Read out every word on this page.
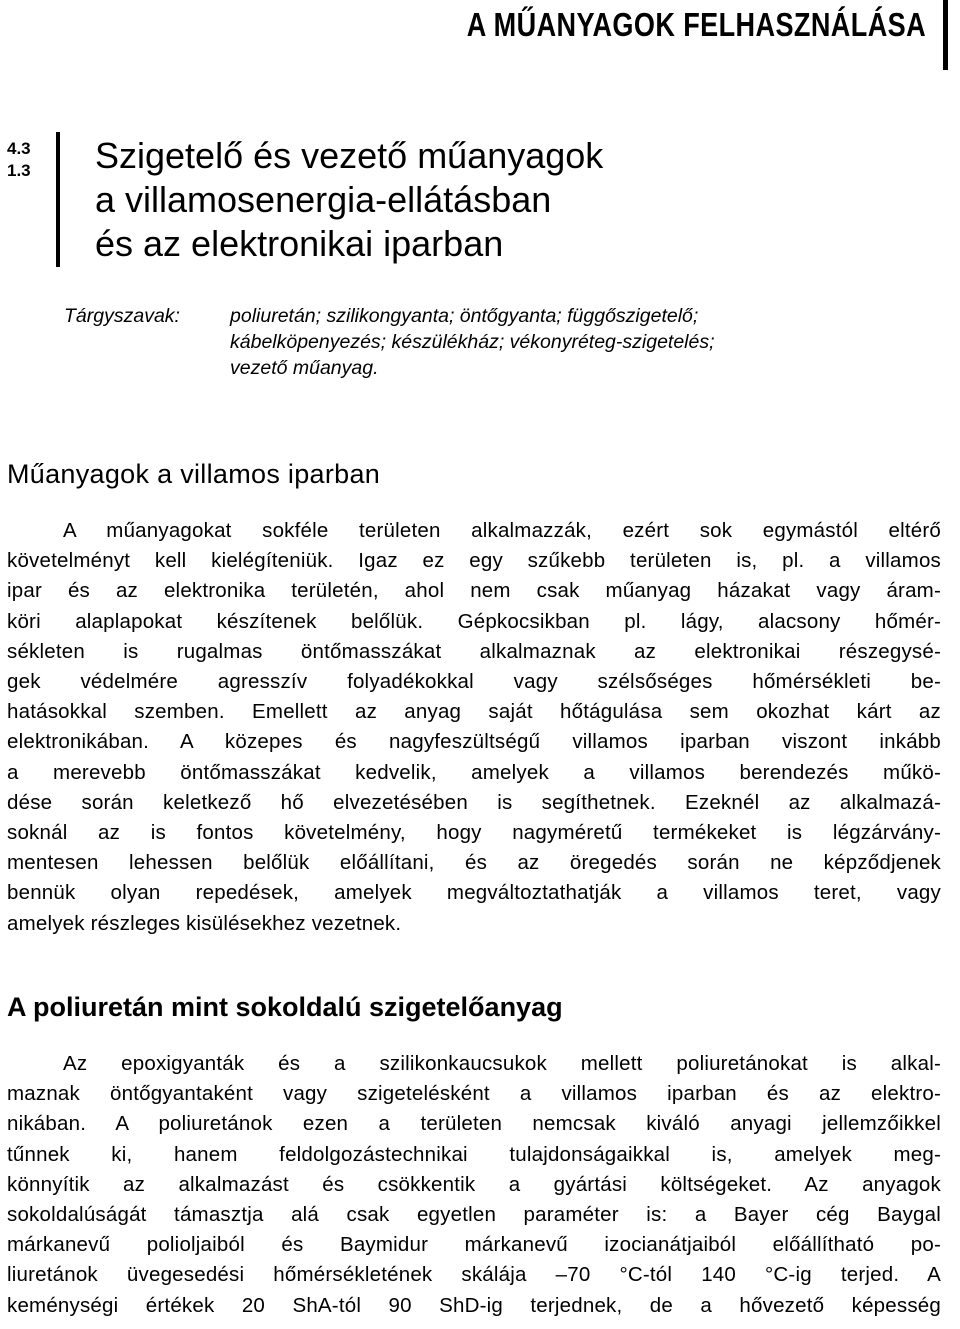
A MŰANYAGOK FELHASZNÁLÁSA
4.3
1.3 Szigetelő és vezető műanyagok
a villamosenergia-ellátásban
és az elektronikai iparban
Tárgyszavak:	poliuretán; szilikongyanta; öntőgyanta; függőszigetelő;
kábelköpenyezés; készülékház; vékonyréteg-szigetelés;
vezető műanyag.
Műanyagok a villamos iparban
A műanyagokat sokféle területen alkalmazzák, ezért sok egymástól eltérő
követelményt kell kielégíteniük. Igaz ez egy szűkebb területen is, pl. a villamos
ipar és az elektronika területén, ahol nem csak műanyag házakat vagy áram-
köri alaplapokat készítenek belőlük. Gépkocsikban pl. lágy, alacsony hőmér-
sékleten is rugalmas öntőmasszákat alkalmaznak az elektronikai részegysé-
gek védelmére agresszív folyadékokkal vagy szélsőséges hőmérsékleti be-
hatásokkal szemben. Emellett az anyag saját hőtágulása sem okozhat kárt az
elektronikában. A közepes és nagyfeszültségű villamos iparban viszont inkább
a merevebb öntőmasszákat kedvelik, amelyek a villamos berendezés műkö-
dése során keletkező hő elvezetésében is segíthetnek. Ezeknél az alkalmazá-
soknál az is fontos követelmény, hogy nagyméretű termékeket is légzárvány-
mentesen lehessen belőlük előállítani, és az öregedés során ne képződjenek
bennük olyan repedések, amelyek megváltoztathatják a villamos teret, vagy
amelyek részleges kisülésekhez vezetnek.
A poliuretán mint sokoldalú szigetelőanyag
Az epoxigyanták és a szilikonkaucsukok mellett poliuretánokat is alkal-
maznak öntőgyantaként vagy szigetelésként a villamos iparban és az elektro-
nikában. A poliuretánok ezen a területen nemcsak kiváló anyagi jellemzőikkel
tűnnek ki, hanem feldolgozástechnikai tulajdonságaikkal is, amelyek meg-
könnyítik az alkalmazást és csökkentik a gyártási költségeket. Az anyagok
sokoldalúságát támasztja alá csak egyetlen paraméter is: a Bayer cég Baygal
márkanevű polioljaiból és Baymidur márkanevű izocianátjaiból előállítható po-
liuretánok üvegesedési hőmérsékletének skálája –70 °C-tól 140 °C-ig terjed. A
keménységi értékek 20 ShA-tól 90 ShD-ig terjednek, de a hővezető képesség
